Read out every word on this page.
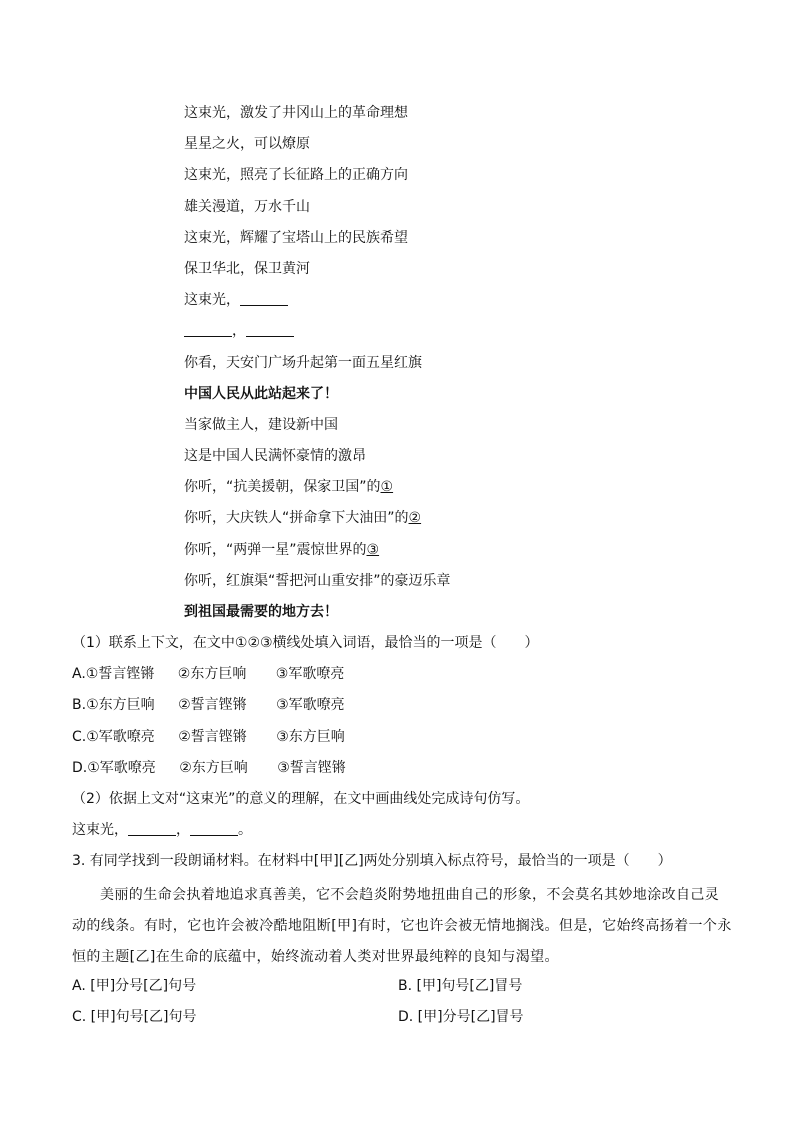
这束光，激发了井冈山上的革命理想
星星之火，可以燎原
这束光，照亮了长征路上的正确方向
雄关漫道，万水千山
这束光，辉耀了宝塔山上的民族希望
保卫华北，保卫黄河
这束光，
，
你看，天安门广场升起第一面五星红旗
中国人民从此站起来了！
当家做主人，建设新中国
这是中国人民满怀豪情的激昂
你听，“抗美援朝，保家卫国”的①
你听，大庆铁人“拼命拿下大油田”的②
你听，“两弹一星”震惊世界的③
你听，红旗渠“誓把河山重安排”的豪迈乐章
到祖国最需要的地方去！
（1）联系上下文，在文中①②③横线处填入词语，最恰当的一项是（　　）
A.①誓言铿锵 ②东方巨响 ③军歌嘹亮
B.①东方巨响 ②誓言铿锵 ③军歌嘹亮
C.①军歌嘹亮 ②誓言铿锵 ③东方巨响
D.①军歌嘹亮 ②东方巨响 ③誓言铿锵
（2）依据上文对“这束光”的意义的理解，在文中画曲线处完成诗句仿写。
这束光，	，	。
3. 有同学找到一段朗诵材料。在材料中[甲][乙]两处分别填入标点符号，最恰当的一项是（　　）
美丽的生命会执着地追求真善美，它不会趋炎附势地扭曲自己的形象，不会莫名其妙地涂改自己灵动的线条。有时，它也许会被冷酷地阻断[甲]有时，它也许会被无情地搁浅。但是，它始终高扬着一个永恒的主题[乙]在生命的底蕴中，始终流动着人类对世界最纯粹的良知与渴望。
A. [甲]分号[乙]句号	B. [甲]句号[乙]冒号
C. [甲]句号[乙]句号	D. [甲]分号[乙]冒号
